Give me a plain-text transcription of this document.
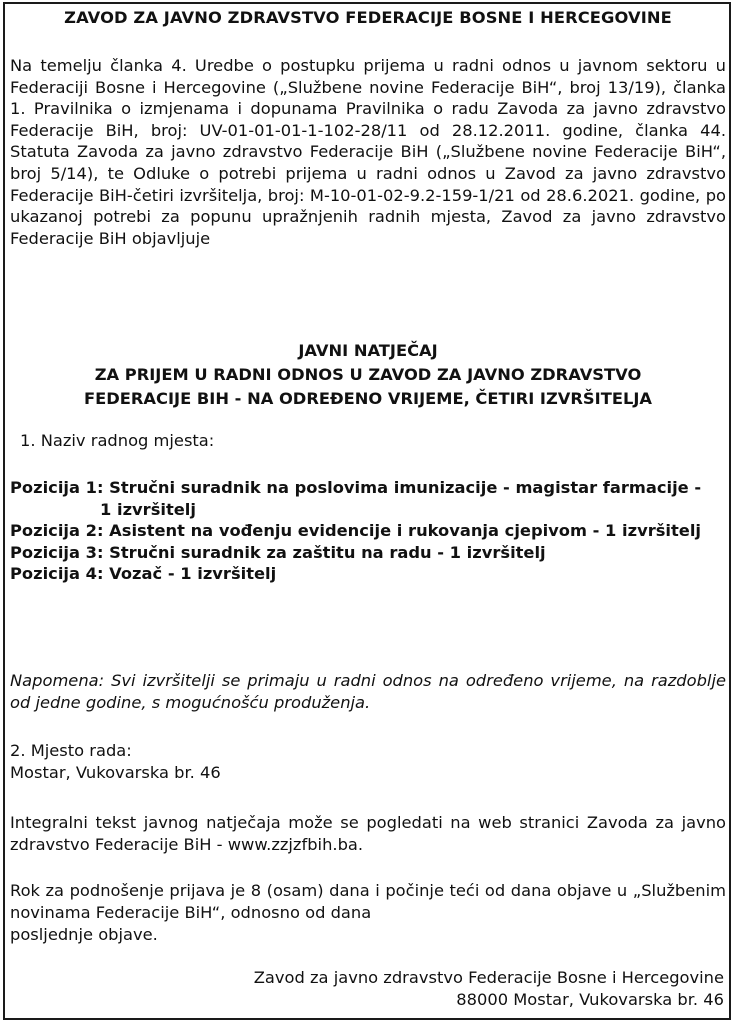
ZAVOD ZA JAVNO ZDRAVSTVO FEDERACIJE BOSNE I HERCEGOVINE
Na temelju članka 4. Uredbe o postupku prijema u radni odnos u javnom sektoru u Federaciji Bosne i Hercegovine („Službene novine Federacije BiH“, broj 13/19), članka 1. Pravilnika o izmjenama i dopunama Pravilnika o radu Zavoda za javno zdravstvo Federacije BiH, broj: UV-01-01-01-1-102-28/11 od 28.12.2011. godine, članka 44. Statuta Zavoda za javno zdravstvo Federacije BiH („Službene novine Federacije BiH“, broj 5/14), te Odluke o potrebi prijema u radni odnos u Zavod za javno zdravstvo Federacije BiH-četiri izvršitelja, broj: M-10-01-02-9.2-159-1/21 od 28.6.2021. godine, po ukazanoj potrebi za popunu upražnjenih radnih mjesta, Zavod za javno zdravstvo Federacije BiH objavljuje
JAVNI NATJEČAJ
ZA PRIJEM U RADNI ODNOS U ZAVOD ZA JAVNO ZDRAVSTVO
FEDERACIJE BIH - NA ODREĐENO VRIJEME, ČETIRI IZVRŠITELJA
1. Naziv radnog mjesta:
Pozicija 1: Stručni suradnik na poslovima imunizacije - magistar farmacije -
1 izvršitelj
Pozicija 2: Asistent na vođenju evidencije i rukovanja cjepivom - 1 izvršitelj
Pozicija 3: Stručni suradnik za zaštitu na radu - 1 izvršitelj
Pozicija 4: Vozač - 1 izvršitelj
Napomena: Svi izvršitelji se primaju u radni odnos na određeno vrijeme, na razdoblje od jedne godine, s mogućnošću produženja.
2. Mjesto rada:
Mostar, Vukovarska br. 46
Integralni tekst javnog natječaja može se pogledati na web stranici Zavoda za javno zdravstvo Federacije BiH - www.zzjzfbih.ba.
Rok za podnošenje prijava je 8 (osam) dana i počinje teći od dana objave u „Službenim novinama Federacije BiH“, odnosno od dana
posljednje objave.
Zavod za javno zdravstvo Federacije Bosne i Hercegovine
88000 Mostar, Vukovarska br. 46
